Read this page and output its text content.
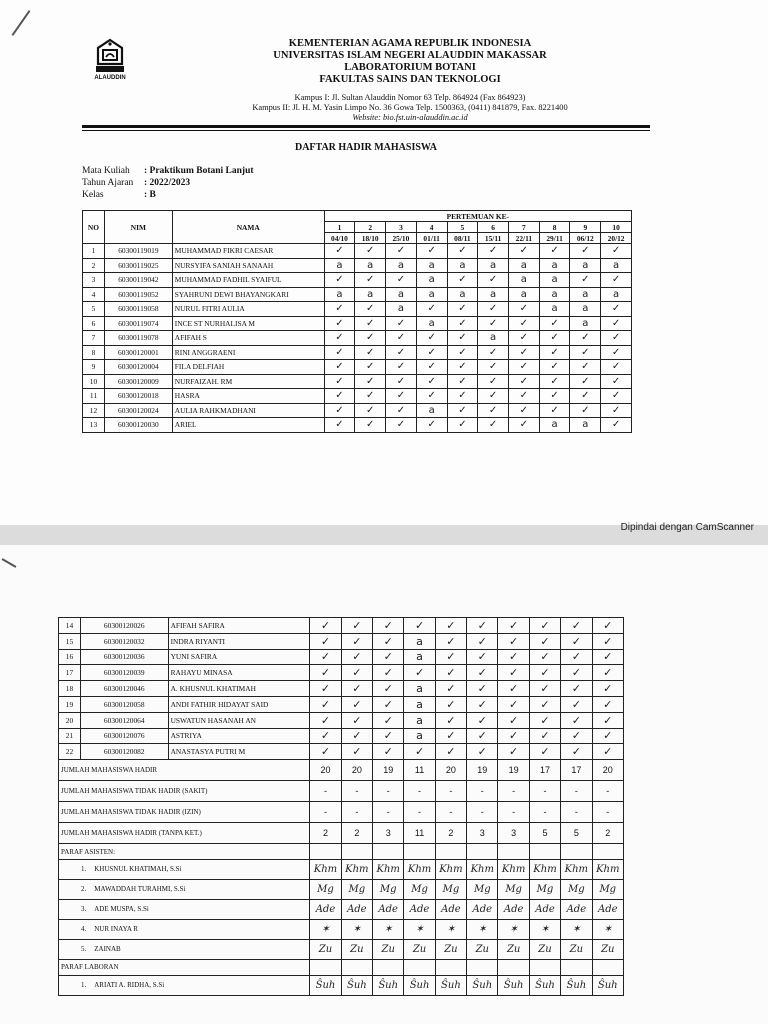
ALAUDDIN
KEMENTERIAN AGAMA REPUBLIK INDONESIA
UNIVERSITAS ISLAM NEGERI ALAUDDIN MAKASSAR
LABORATORIUM BOTANI
FAKULTAS SAINS DAN TEKNOLOGI
Kampus I: Jl. Sultan Alauddin Nomor 63 Telp. 864924 (Fax 864923)
Kampus II: Jl. H. M. Yasin Limpo No. 36 Gowa Telp. 1500363, (0411) 841879, Fax. 8221400
Website: bio.fst.uin-alauddin.ac.id
DAFTAR HADIR MAHASISWA
Mata Kuliah : Praktikum Botani Lanjut
Tahun Ajaran : 2022/2023
Kelas	: B
NO	NIM	NAMA	PERTEMUAN KE-									
			1	2	3	4	5	6	7	8	9	10
			04/10	18/10	25/10	01/11	08/11	15/11	22/11	29/11	06/12	20/12
1	60300119019	MUHAMMAD FIKRI CAESAR	✓	✓	✓	✓	✓	✓	✓	✓	✓	✓
2	60300119025	NURSYIFA SANIAH SANAAH	a	a	a	a	a	a	a	a	a	a
3	60300119042	MUHAMMAD FADHIL SYAIFUL	✓	✓	✓	a	✓	✓	a	a	✓	✓
4	60300119052	SYAHRUNI DEWI BHAYANGKARI	a	a	a	a	a	a	a	a	a	a
5	60300119058	NURUL FITRI AULIA	✓	✓	a	✓	✓	✓	✓	a	a	✓
6	60300119074	INCE ST NURHALISA M	✓	✓	✓	a	✓	✓	✓	✓	a	✓
7	60300119078	AFIFAH S	✓	✓	✓	✓	✓	a	✓	✓	✓	✓
8	60300120001	RINI ANGGRAENI	✓	✓	✓	✓	✓	✓	✓	✓	✓	✓
9	60300120004	FILA DELFIAH	✓	✓	✓	✓	✓	✓	✓	✓	✓	✓
10	60300120009	NURFAIZAH. RM	✓	✓	✓	✓	✓	✓	✓	✓	✓	✓
11	60300120018	HASRA	✓	✓	✓	✓	✓	✓	✓	✓	✓	✓
12	60300120024	AULIA RAHKMADHANI	✓	✓	✓	a	✓	✓	✓	✓	✓	✓
13	60300120030	ARIEL	✓	✓	✓	✓	✓	✓	✓	a	a	✓
Dipindai dengan CamScanner
14	60300120026	AFIFAH SAFIRA	✓	✓	✓	✓	✓	✓	✓	✓	✓	✓
15	60300120032	INDRA RIYANTI	✓	✓	✓	a	✓	✓	✓	✓	✓	✓
16	60300120036	YUNI SAFIRA	✓	✓	✓	a	✓	✓	✓	✓	✓	✓
17	60300120039	RAHAYU MINASA	✓	✓	✓	✓	✓	✓	✓	✓	✓	✓
18	60300120046	A. KHUSNUL KHATIMAH	✓	✓	✓	a	✓	✓	✓	✓	✓	✓
19	60300120058	ANDI FATHIR HIDAYAT SAID	✓	✓	✓	a	✓	✓	✓	✓	✓	✓
20	60300120064	USWATUN HASANAH AN	✓	✓	✓	a	✓	✓	✓	✓	✓	✓
21	60300120076	ASTRIYA	✓	✓	✓	a	✓	✓	✓	✓	✓	✓
22	60300120082	ANASTASYA PUTRI M	✓	✓	✓	✓	✓	✓	✓	✓	✓	✓
JUMLAH MAHASISWA HADIR			20	20	19	11	20	19	19	17	17	20
JUMLAH MAHASISWA TIDAK HADIR (SAKIT)			-	-	-	-	-	-	-	-	-	-
JUMLAH MAHASISWA TIDAK HADIR (IZIN)			-	-	-	-	-	-	-	-	-	-
JUMLAH MAHASISWA HADIR (TANPA KET.)			2	2	3	11	2	3	3	5	5	2
PARAF ASISTEN:												
1. KHUSNUL KHATIMAH, S.Si			Khm	Khm	Khm	Khm	Khm	Khm	Khm	Khm	Khm	Khm
2. MAWADDAH TURAHMI, S.Si			Mg	Mg	Mg	Mg	Mg	Mg	Mg	Mg	Mg	Mg
3. ADE MUSPA, S.Si			Ade	Ade	Ade	Ade	Ade	Ade	Ade	Ade	Ade	Ade
4. NUR INAYA R			✶	✶	✶	✶	✶	✶	✶	✶	✶	✶
5. ZAINAB			Zu	Zu	Zu	Zu	Zu	Zu	Zu	Zu	Zu	Zu
PARAF LABORAN												
1. ARIATI A. RIDHA, S.Si			Ŝuh	Ŝuh	Ŝuh	Ŝuh	Ŝuh	Ŝuh	Ŝuh	Ŝuh	Ŝuh	Ŝuh
